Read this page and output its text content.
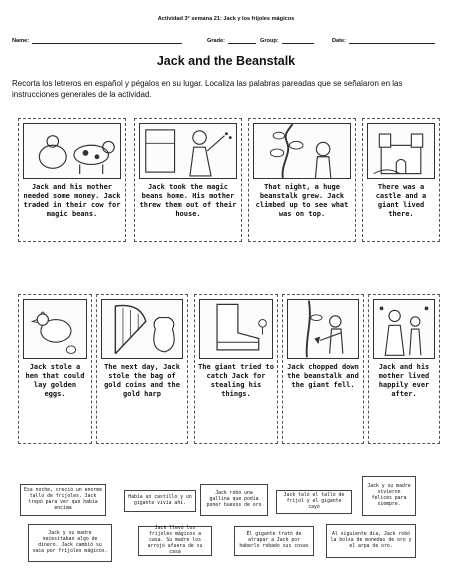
Actividad 3° semana 21: Jack y los frijoles mágicos
Name:	Grade:	Group:	Date:
Jack and the Beanstalk
Recorta los letreros en español y pégalos en su lugar. Localiza las palabras pareadas que se señalaron en las instrucciones generales de la actividad.
Jack and his mother needed some money. Jack traded in their cow for magic beans.
Jack took the magic beans home. His mother threw them out of their house.
That night, a huge beanstalk grew. Jack climbed up to see what was on top.
There was a castle and a giant lived there.
Jack stole a hen that could lay golden eggs.
The next day, Jack stole the bag of gold coins and the gold harp
The giant tried to catch Jack for stealing his things.
Jack chopped down the beanstalk and the giant fell.
Jack and his mother lived happily ever after.
Esa noche, creció un enorme tallo de frijoles. Jack trepó para ver qué había encima
Había un castillo y un gigante vivía ahí.
Jack robó una gallina que podía poner huevos de oro
Jack taló el tallo de frijol y el gigante cayó
Jack y su madre vivieron felices para siempre.
Jack y su madre necesitaban algo de dinero. Jack cambió su vaca por frijoles mágicos.
Jack llevó los frijoles mágicos a casa. Su madre los arrojó afuera de su casa
El gigante trató de atrapar a Jack por haberlo robado sus cosas
Al siguiente día, Jack robó la bolsa de monedas de oro y el arpa de oro.
